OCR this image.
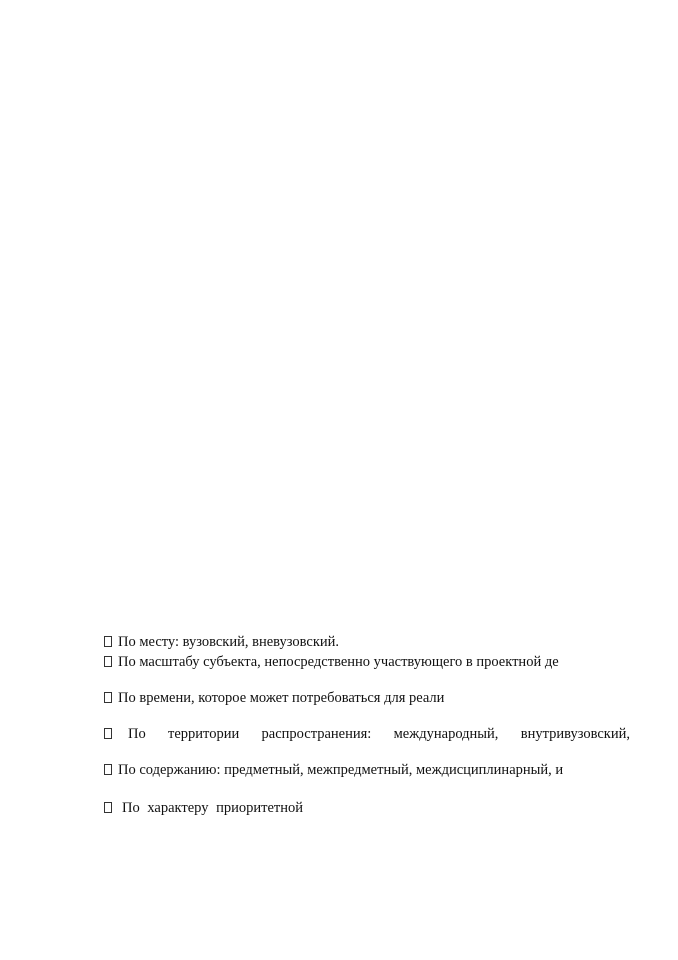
По месту: вузовский, вневузовский.
По масштабу субъекта, непосредственно участвующего в проектной де
По времени, которое может потребоваться для реали
По территории распространения: международный, внутривузовский,
По содержанию: предметный, межпредметный, междисциплинарный, и
По характеру приоритетной
